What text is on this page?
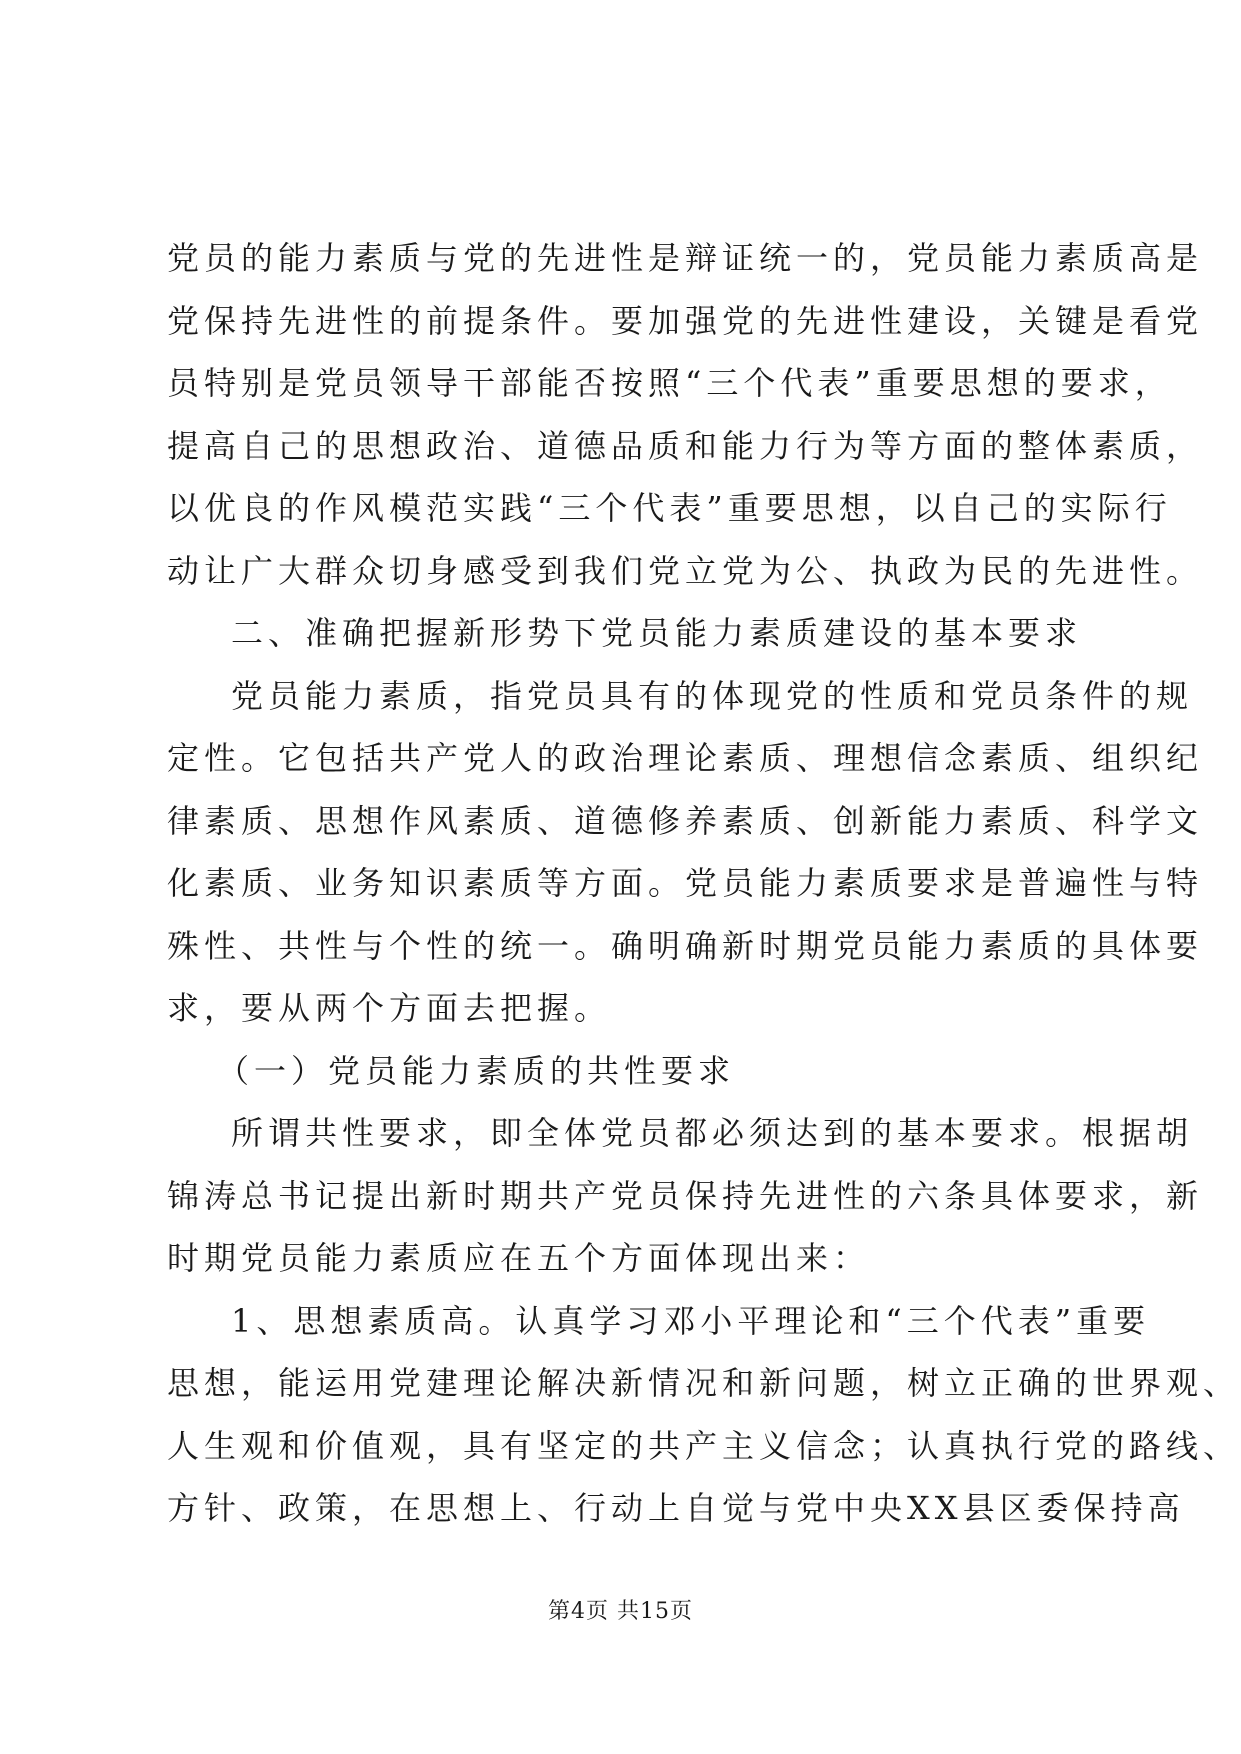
党员的能力素质与党的先进性是辩证统一的，党员能力素质高是
党保持先进性的前提条件。要加强党的先进性建设，关键是看党
员特别是党员领导干部能否按照“三个代表”重要思想的要求，
提高自己的思想政治、道德品质和能力行为等方面的整体素质，
以优良的作风模范实践“三个代表”重要思想，以自己的实际行
动让广大群众切身感受到我们党立党为公、执政为民的先进性。
二、准确把握新形势下党员能力素质建设的基本要求
党员能力素质，指党员具有的体现党的性质和党员条件的规
定性。它包括共产党人的政治理论素质、理想信念素质、组织纪
律素质、思想作风素质、道德修养素质、创新能力素质、科学文
化素质、业务知识素质等方面。党员能力素质要求是普遍性与特
殊性、共性与个性的统一。确明确新时期党员能力素质的具体要
求，要从两个方面去把握。
（一）党员能力素质的共性要求
所谓共性要求，即全体党员都必须达到的基本要求。根据胡
锦涛总书记提出新时期共产党员保持先进性的六条具体要求，新
时期党员能力素质应在五个方面体现出来：
1、思想素质高。认真学习邓小平理论和“三个代表”重要
思想，能运用党建理论解决新情况和新问题，树立正确的世界观、
人生观和价值观，具有坚定的共产主义信念；认真执行党的路线、
方针、政策，在思想上、行动上自觉与党中央XX县区委保持高
第4页 共15页
